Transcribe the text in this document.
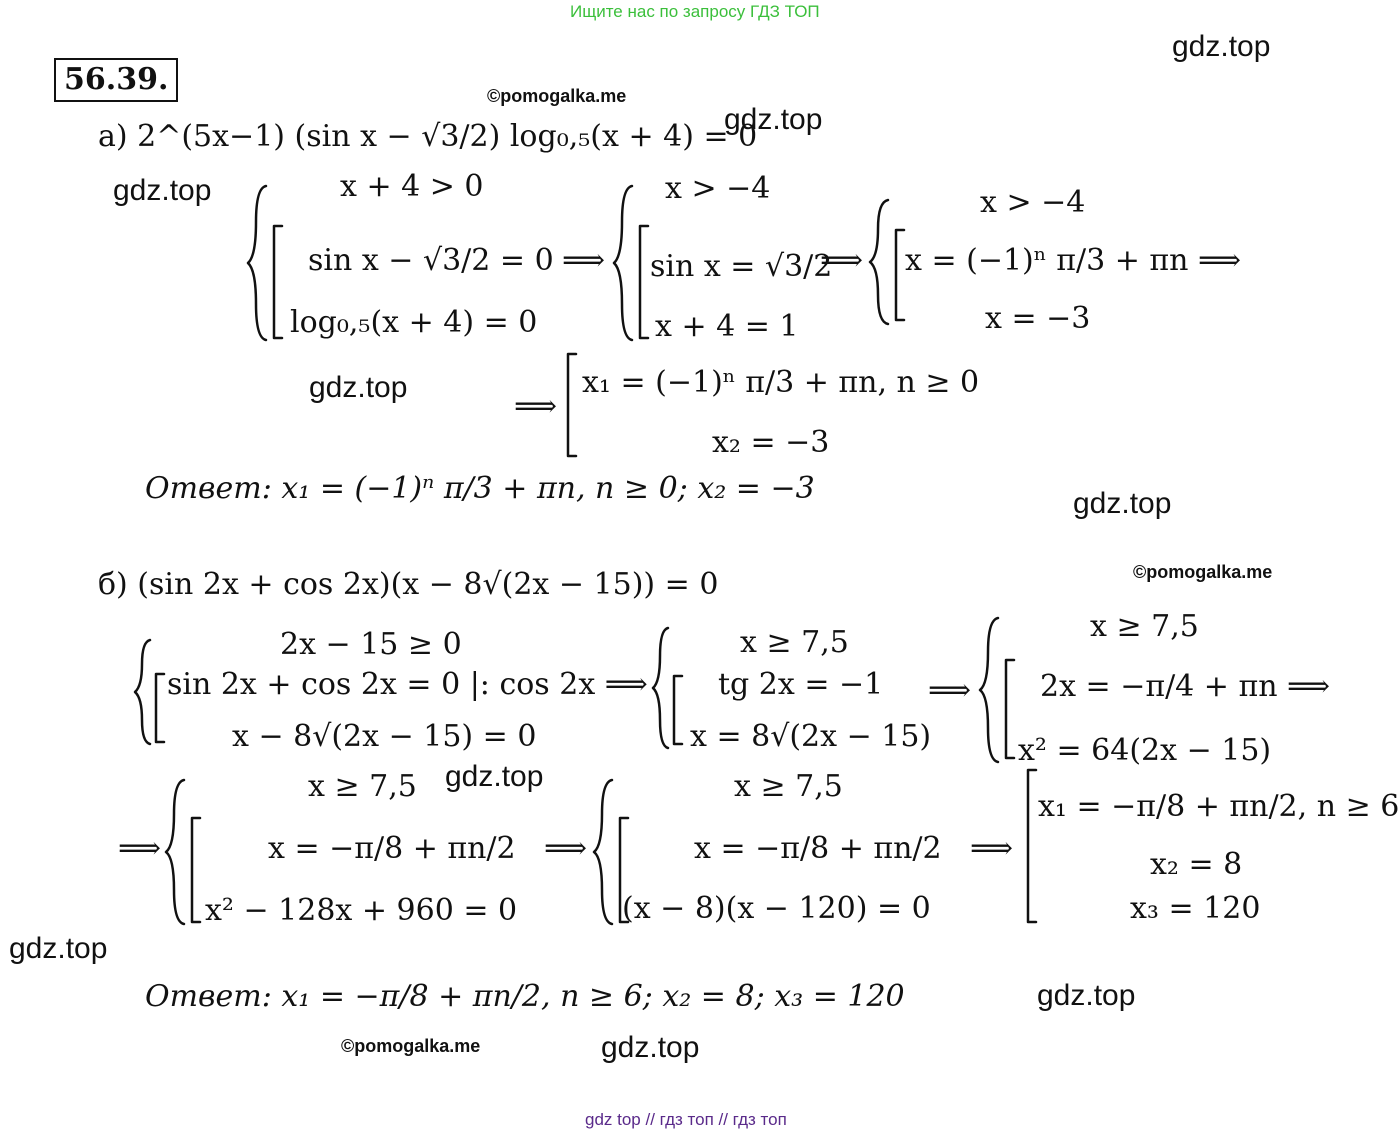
Ищите нас по запросу ГДЗ ТОП
gdz.top
©pomogalka.me
gdz.top
gdz.top
gdz.top
gdz.top
©pomogalka.me
gdz.top
gdz.top
gdz.top
©pomogalka.me	gdz.top
56.39.
а) 2^(5x−1) (sin x − √3/2) log₀,₅(x + 4) = 0
x + 4 > 0
sin x − √3/2 = 0
log₀,₅(x + 4) = 0
⟹
x > −4
sin x = √3/2
x + 4 = 1
⟹
x > −4
x = (−1)ⁿ π/3 + πn ⟹
x = −3
⟹
x₁ = (−1)ⁿ π/3 + πn, n ≥ 0
x₂ = −3
Ответ: x₁ = (−1)ⁿ π/3 + πn, n ≥ 0; x₂ = −3
б) (sin 2x + cos 2x)(x − 8√(2x − 15)) = 0
2x − 15 ≥ 0
sin 2x + cos 2x = 0 |: cos 2x ⟹
x − 8√(2x − 15) = 0
x ≥ 7,5
tg 2x = −1
x = 8√(2x − 15)
⟹
x ≥ 7,5
2x = −π/4 + πn ⟹
x² = 64(2x − 15)
⟹
x ≥ 7,5
x = −π/8 + πn/2
x² − 128x + 960 = 0
⟹
x ≥ 7,5
x = −π/8 + πn/2
(x − 8)(x − 120) = 0
⟹
x₁ = −π/8 + πn/2, n ≥ 6
x₂ = 8
x₃ = 120
Ответ: x₁ = −π/8 + πn/2, n ≥ 6; x₂ = 8; x₃ = 120
gdz top // гдз топ // гдз топ
